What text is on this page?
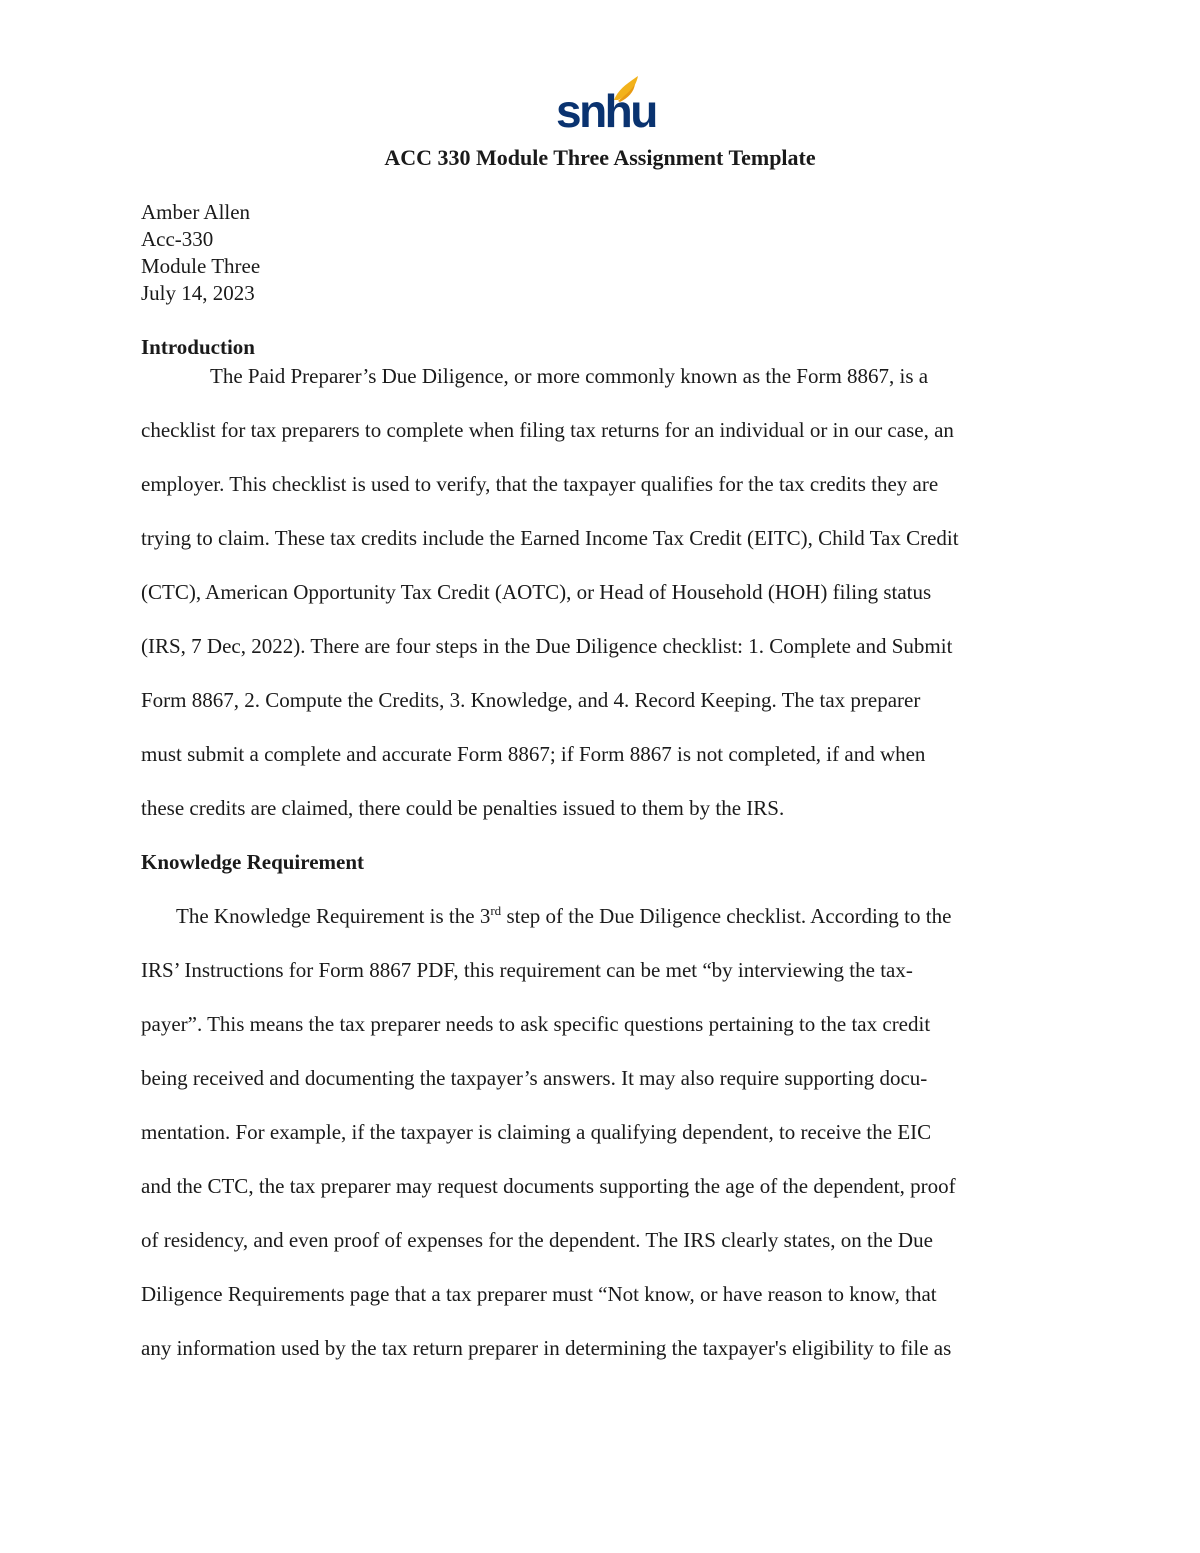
snhu
ACC 330 Module Three Assignment Template
Amber Allen
Acc-330
Module Three
July 14, 2023
Introduction
The Paid Preparer’s Due Diligence, or more commonly known as the Form 8867, is a
checklist for tax preparers to complete when filing tax returns for an individual or in our case, an
employer. This checklist is used to verify, that the taxpayer qualifies for the tax credits they are
trying to claim. These tax credits include the Earned Income Tax Credit (EITC), Child Tax Credit
(CTC), American Opportunity Tax Credit (AOTC), or Head of Household (HOH) filing status
(IRS, 7 Dec, 2022). There are four steps in the Due Diligence checklist: 1. Complete and Submit
Form 8867, 2. Compute the Credits, 3. Knowledge, and 4. Record Keeping. The tax preparer
must submit a complete and accurate Form 8867; if Form 8867 is not completed, if and when
these credits are claimed, there could be penalties issued to them by the IRS.
Knowledge Requirement
The Knowledge Requirement is the 3rd step of the Due Diligence checklist. According to the
IRS’ Instructions for Form 8867 PDF, this requirement can be met “by interviewing the tax-
payer”. This means the tax preparer needs to ask specific questions pertaining to the tax credit
being received and documenting the taxpayer’s answers. It may also require supporting docu-
mentation. For example, if the taxpayer is claiming a qualifying dependent, to receive the EIC
and the CTC, the tax preparer may request documents supporting the age of the dependent, proof
of residency, and even proof of expenses for the dependent. The IRS clearly states, on the Due
Diligence Requirements page that a tax preparer must “Not know, or have reason to know, that
any information used by the tax return preparer in determining the taxpayer's eligibility to file as
